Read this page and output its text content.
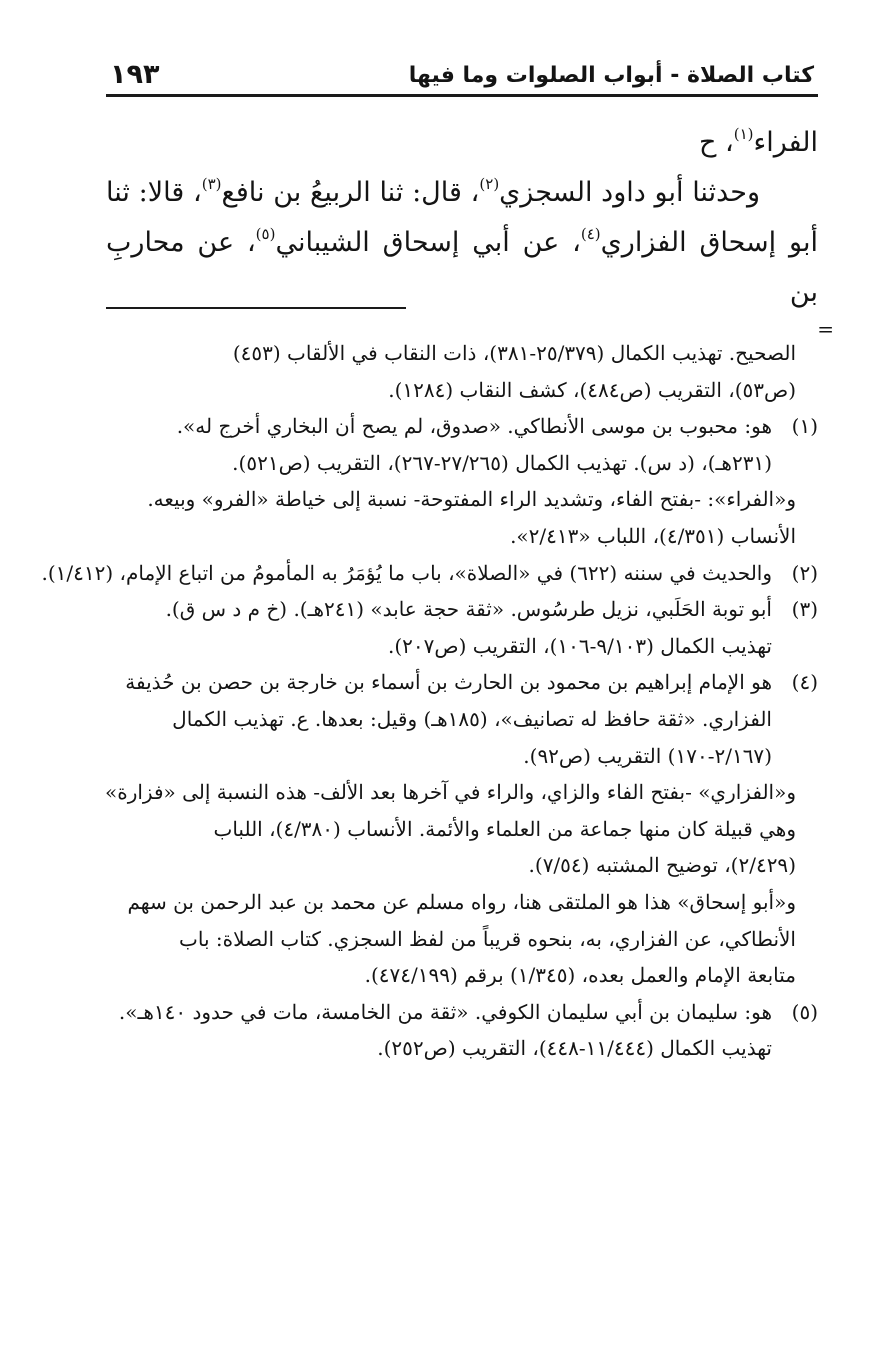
كتاب الصلاة - أبواب الصلوات وما فيها
١٩٣

الفراء$^{(١)}$، ح

وحدثنا أبو داود السجزي$^{(٢)}$، قال: ثنا الربيعُ بن نافع$^{(٣)}$، قالا: ثنا أبو إسحاق الفزاري$^{(٤)}$، عن أبي إسحاق الشيباني$^{(٥)}$، عن محاربِ بن

=
الصحيح. تهذيب الكمال (٢٥/٣٧٩-٣٨١)، ذات النقاب في الألقاب (٤٥٣)
(ص٥٣)، التقريب (ص٤٨٤)، كشف النقاب (١٢٨٤).
(١)
هو: محبوب بن موسى الأنطاكي. «صدوق، لم يصح أن البخاري أخرج له».
(٢٣١هـ)، (د س). تهذيب الكمال (٢٧/٢٦٥-٢٦٧)، التقريب (ص٥٢١).
و«الفراء»: -بفتح الفاء، وتشديد الراء المفتوحة- نسبة إلى خياطة «الفرو» وبيعه.
الأنساب (٤/٣٥١)، اللباب «٢/٤١٣».
(٢)
والحديث في سننه (٦٢٢) في «الصلاة»، باب ما يُؤمَرُ به المأمومُ من اتباع الإمام، (١/٤١٢).
(٣)
أبو توبة الحَلَبي، نزيل طرسُوس. «ثقة حجة عابد» (٢٤١هـ). (خ م د س ق).
تهذيب الكمال (٩/١٠٣-١٠٦)، التقريب (ص٢٠٧).
(٤)
هو الإمام إبراهيم بن محمود بن الحارث بن أسماء بن خارجة بن حصن بن حُذيفة
الفزاري. «ثقة حافظ له تصانيف»، (١٨٥هـ) وقيل: بعدها. ع. تهذيب الكمال
(٢/١٦٧-١٧٠) التقريب (ص٩٢).
و«الفزاري» -بفتح الفاء والزاي، والراء في آخرها بعد الألف- هذه النسبة إلى «فزارة»
وهي قبيلة كان منها جماعة من العلماء والأئمة. الأنساب (٤/٣٨٠)، اللباب
(٢/٤٢٩)، توضيح المشتبه (٧/٥٤).
و«أبو إسحاق» هذا هو الملتقى هنا، رواه مسلم عن محمد بن عبد الرحمن بن سهم
الأنطاكي، عن الفزاري، به، بنحوه قريباً من لفظ السجزي. كتاب الصلاة: باب
متابعة الإمام والعمل بعده، (١/٣٤٥) برقم (٤٧٤/١٩٩).
(٥)
هو: سليمان بن أبي سليمان الكوفي. «ثقة من الخامسة، مات في حدود ١٤٠هـ».
تهذيب الكمال (١١/٤٤٤-٤٤٨)، التقريب (ص٢٥٢).
